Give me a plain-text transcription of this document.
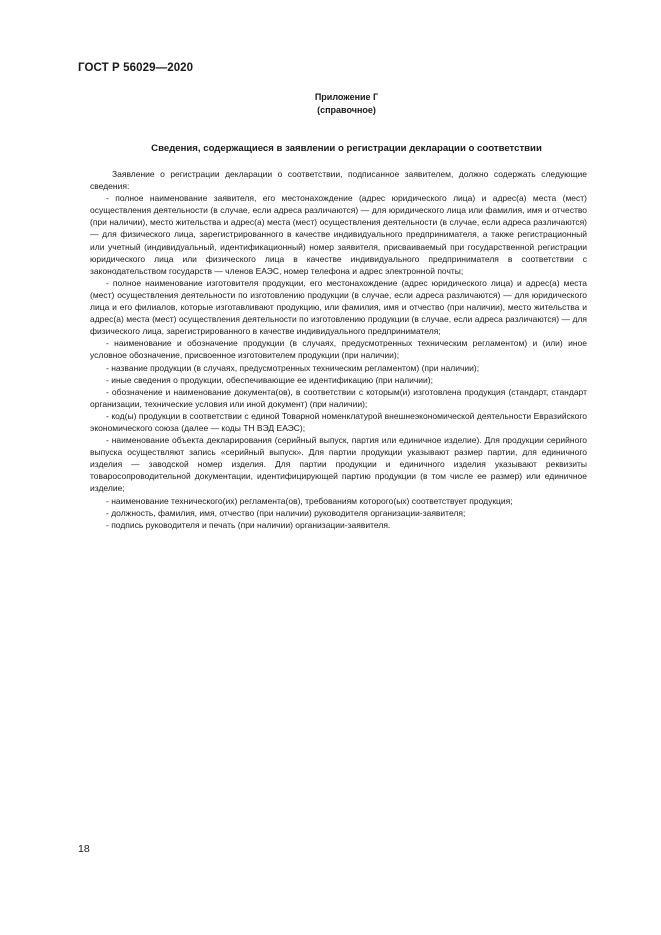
ГОСТ Р 56029—2020
Приложение Г
(справочное)
Сведения, содержащиеся в заявлении о регистрации декларации о соответствии

Заявление о регистрации декларации о соответствии, подписанное заявителем, должно содержать следующие сведения:

- полное наименование заявителя, его местонахождение (адрес юридического лица) и адрес(а) места (мест) осуществления деятельности (в случае, если адреса различаются) — для юридического лица или фамилия, имя и отчество (при наличии), место жительства и адрес(а) места (мест) осуществления деятельности (в случае, если адреса различаются) — для физического лица, зарегистрированного в качестве индивидуального предпринимателя, а также регистрационный или учетный (индивидуальный, идентификационный) номер заявителя, присваиваемый при государственной регистрации юридического лица или физического лица в качестве индивидуального предпринимателя в соответствии с законодательством государств — членов ЕАЭС, номер телефона и адрес электронной почты;

- полное наименование изготовителя продукции, его местонахождение (адрес юридического лица) и адрес(а) места (мест) осуществления деятельности по изготовлению продукции (в случае, если адреса различаются) — для юридического лица и его филиалов, которые изготавливают продукцию, или фамилия, имя и отчество (при наличии), место жительства и адрес(а) места (мест) осуществления деятельности по изготовлению продукции (в случае, если адреса различаются) — для физического лица, зарегистрированного в качестве индивидуального предпринимателя;

- наименование и обозначение продукции (в случаях, предусмотренных техническим регламентом) и (или) иное условное обозначение, присвоенное изготовителем продукции (при наличии);

- название продукции (в случаях, предусмотренных техническим регламентом) (при наличии);

- иные сведения о продукции, обеспечивающие ее идентификацию (при наличии);

- обозначение и наименование документа(ов), в соответствии с которым(и) изготовлена продукция (стандарт, стандарт организации, технические условия или иной документ) (при наличии);

- код(ы) продукции в соответствии с единой Товарной номенклатурой внешнеэкономической деятельности Евразийского экономического союза (далее — коды ТН ВЭД ЕАЭС);

- наименование объекта декларирования (серийный выпуск, партия или единичное изделие). Для продукции серийного выпуска осуществляют запись «серийный выпуск». Для партии продукции указывают размер партии, для единичного изделия — заводской номер изделия. Для партии продукции и единичного изделия указывают реквизиты товаросопроводительной документации, идентифицирующей партию продукции (в том числе ее размер) или единичное изделие;

- наименование технического(их) регламента(ов), требованиям которого(ых) соответствует продукция;

- должность, фамилия, имя, отчество (при наличии) руководителя организации-заявителя;

- подпись руководителя и печать (при наличии) организации-заявителя.

18
